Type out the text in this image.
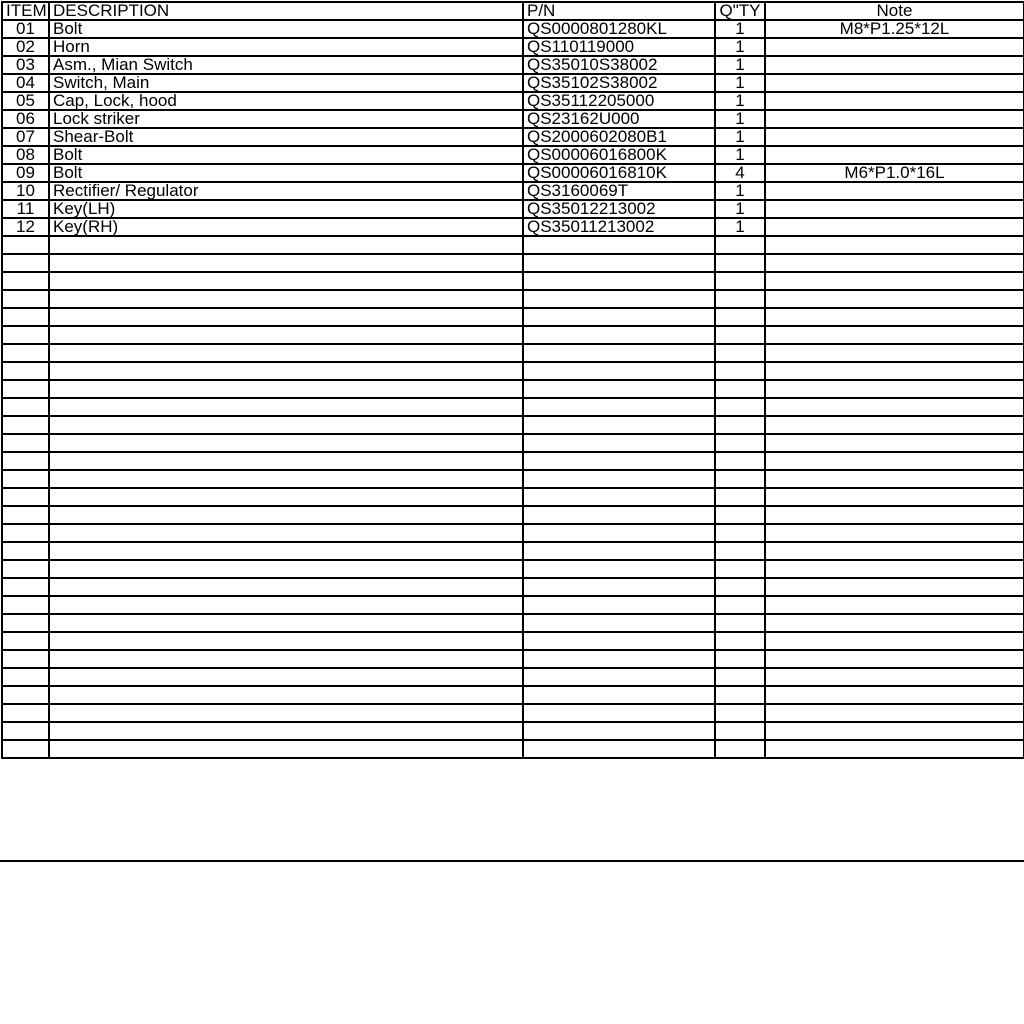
ITEM	DESCRIPTION	P/N	Q"TY	Note
01	Bolt	QS0000801280KL	1	M8*P1.25*12L
02	Horn	QS110119000	1	
03	Asm., Mian Switch	QS35010S38002	1	
04	Switch, Main	QS35102S38002	1	
05	Cap, Lock, hood	QS35112205000	1	
06	Lock striker	QS23162U000	1	
07	Shear-Bolt	QS2000602080B1	1	
08	Bolt	QS00006016800K	1	
09	Bolt	QS00006016810K	4	M6*P1.0*16L
10	Rectifier/ Regulator	QS3160069T	1	
11	Key(LH)	QS35012213002	1	
12	Key(RH)	QS35011213002	1	
